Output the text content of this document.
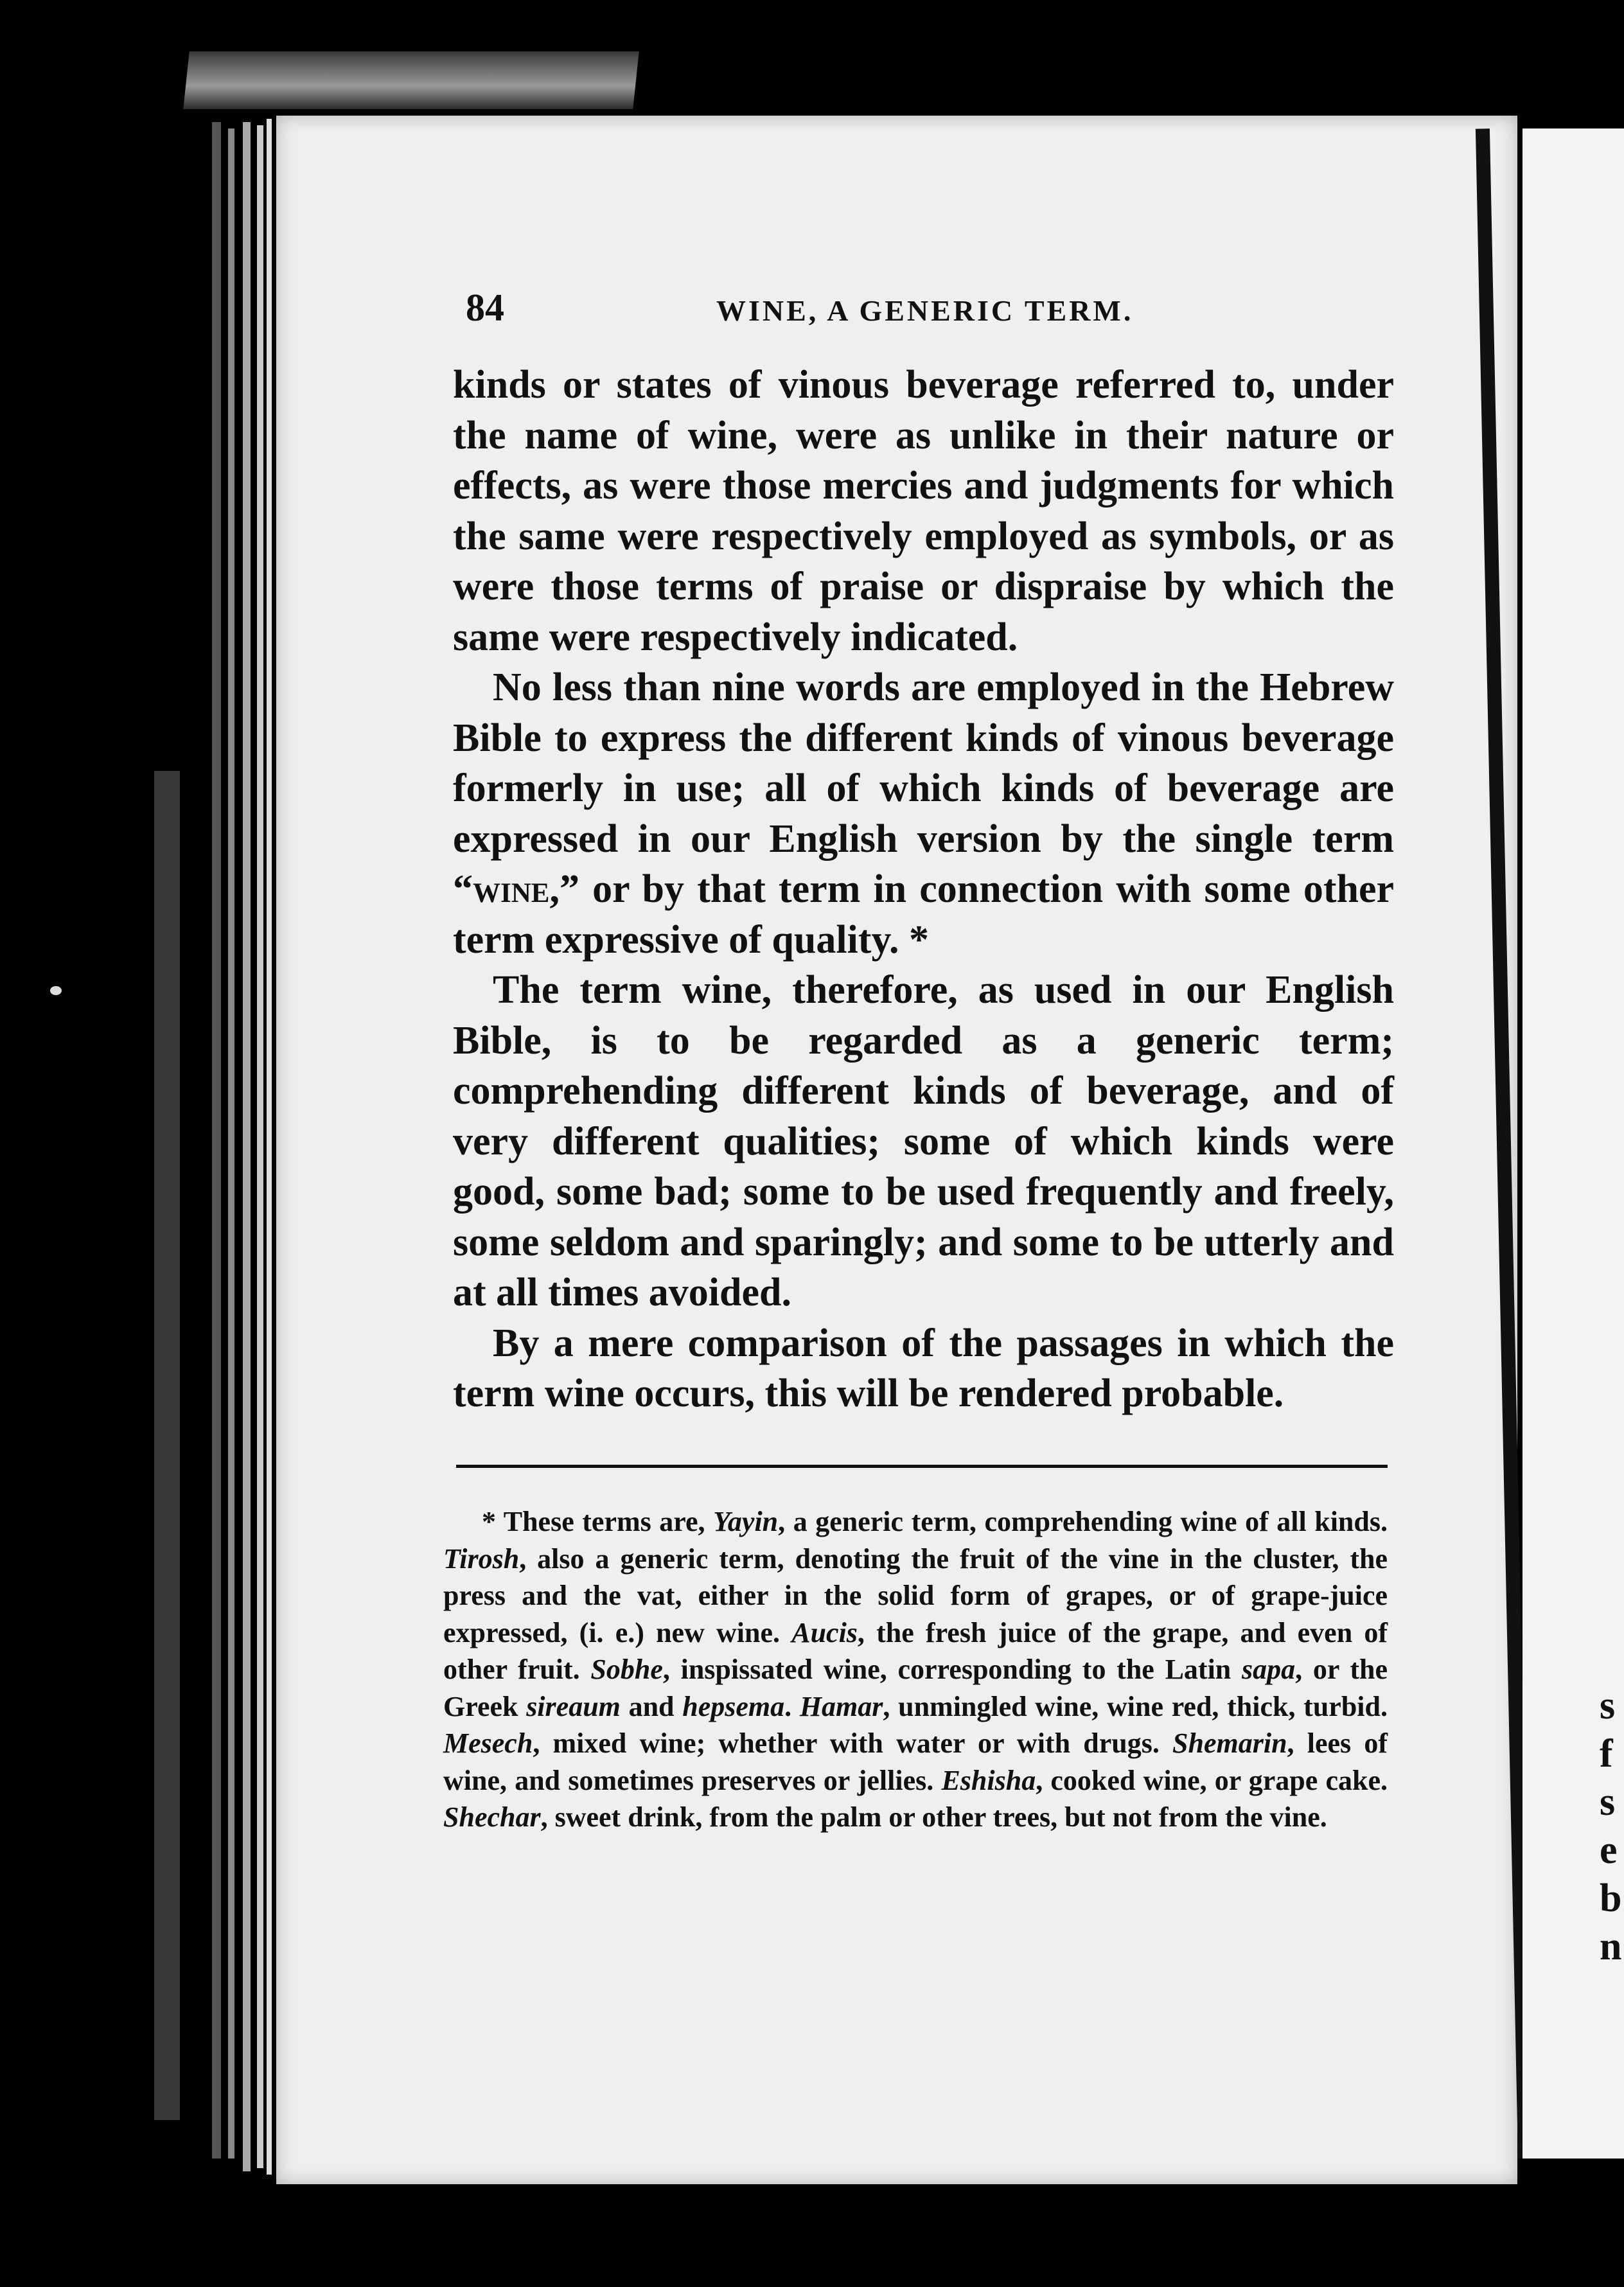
84	WINE, A GENERIC TERM.

kinds or states of vinous beverage referred to, under the name of wine, were as unlike in their nature or effects, as were those mercies and judgments for which the same were respectively employed as symbols, or as were those terms of praise or dispraise by which the same were respectively indicated.

No less than nine words are employed in the Hebrew Bible to express the different kinds of vinous beverage formerly in use; all of which kinds of beverage are expressed in our English version by the single term “wine,” or by that term in connection with some other term expressive of quality. *

The term wine, therefore, as used in our English Bible, is to be regarded as a generic term; comprehending different kinds of beverage, and of very different qualities; some of which kinds were good, some bad; some to be used frequently and freely, some seldom and sparingly; and some to be utterly and at all times avoided.

By a mere comparison of the passages in which the term wine occurs, this will be rendered probable.

* These terms are, Yayin, a generic term, comprehending wine of all kinds. Tirosh, also a generic term, denoting the fruit of the vine in the cluster, the press and the vat, either in the solid form of grapes, or of grape-juice expressed, (i. e.) new wine. Aucis, the fresh juice of the grape, and even of other fruit. Sobhe, inspissated wine, corresponding to the Latin sapa, or the Greek sireaum and hepsema. Hamar, unmingled wine, wine red, thick, turbid. Mesech, mixed wine; whether with water or with drugs. Shemarin, lees of wine, and sometimes preserves or jellies. Eshisha, cooked wine, or grape cake. Shechar, sweet drink, from the palm or other trees, but not from the vine.

s
f
s
e
b
n
